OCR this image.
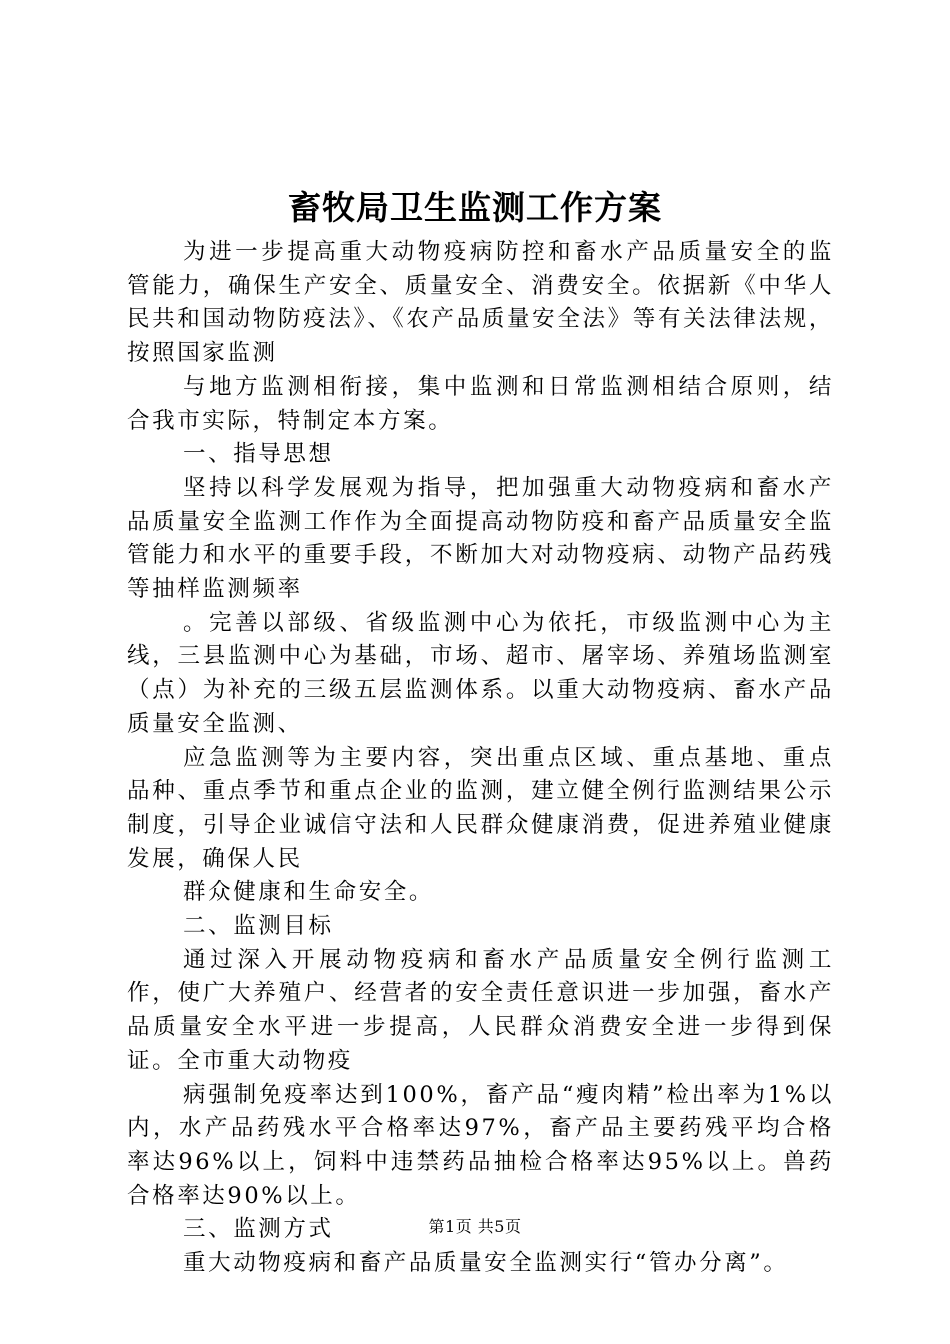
畜牧局卫生监测工作方案

为进一步提高重大动物疫病防控和畜水产品质量安全的监管能力，确保生产安全、质量安全、消费安全。依据新《中华人民共和国动物防疫法》、《农产品质量安全法》等有关法律法规，按照国家监测

与地方监测相衔接，集中监测和日常监测相结合原则，结合我市实际，特制定本方案。

一、指导思想

坚持以科学发展观为指导，把加强重大动物疫病和畜水产品质量安全监测工作作为全面提高动物防疫和畜产品质量安全监管能力和水平的重要手段，不断加大对动物疫病、动物产品药残等抽样监测频率

。完善以部级、省级监测中心为依托，市级监测中心为主线，三县监测中心为基础，市场、超市、屠宰场、养殖场监测室（点）为补充的三级五层监测体系。以重大动物疫病、畜水产品质量安全监测、

应急监测等为主要内容，突出重点区域、重点基地、重点品种、重点季节和重点企业的监测，建立健全例行监测结果公示制度，引导企业诚信守法和人民群众健康消费，促进养殖业健康发展，确保人民

群众健康和生命安全。

二、监测目标

通过深入开展动物疫病和畜水产品质量安全例行监测工作，使广大养殖户、经营者的安全责任意识进一步加强，畜水产品质量安全水平进一步提高，人民群众消费安全进一步得到保证。全市重大动物疫

病强制免疫率达到100%，畜产品“瘦肉精”检出率为1%以内，水产品药残水平合格率达97%，畜产品主要药残平均合格率达96%以上，饲料中违禁药品抽检合格率达95%以上。兽药合格率达90%以上。

三、监测方式

重大动物疫病和畜产品质量安全监测实行“管办分离”。

第1页 共5页
